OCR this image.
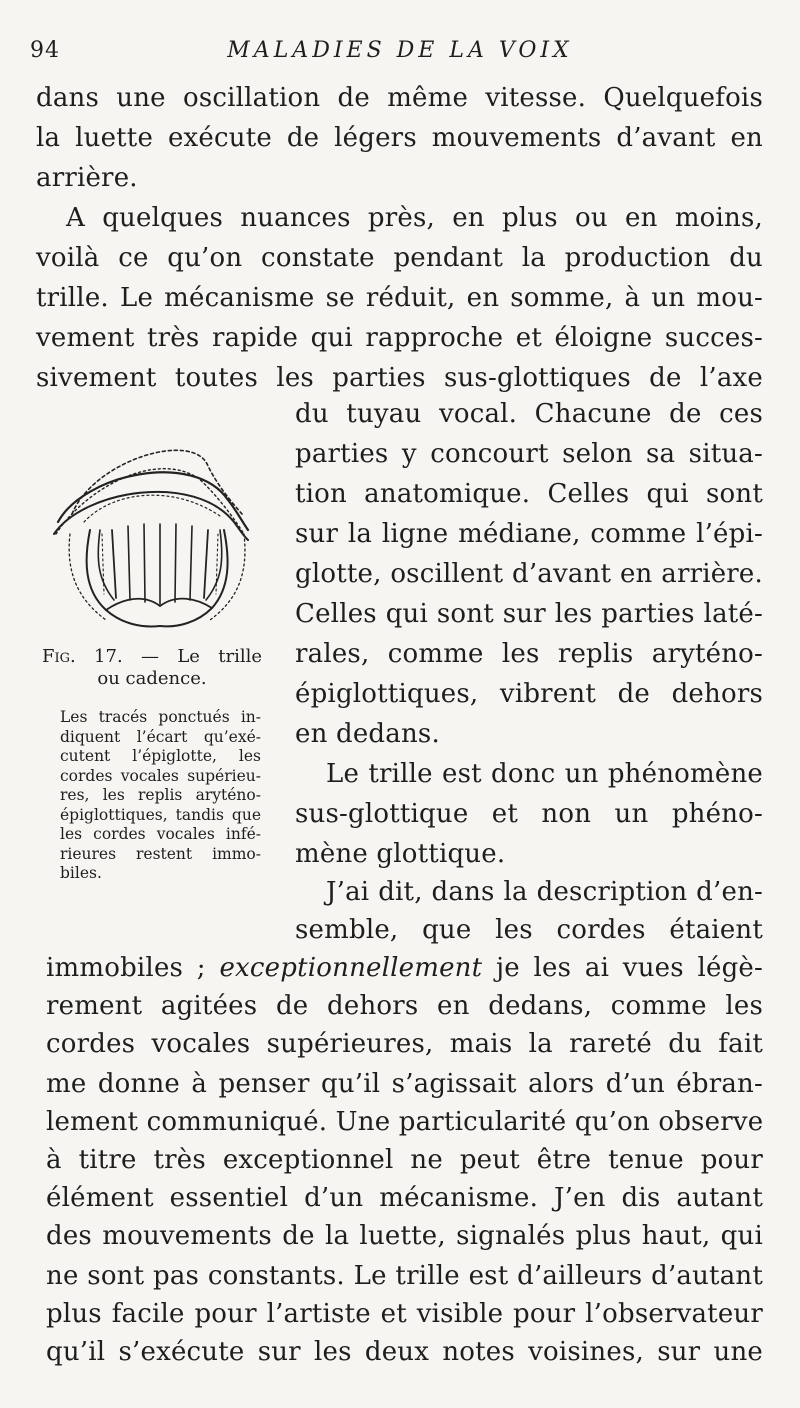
94	MALADIES DE LA VOIX
dans une oscillation de même vitesse. Quelquefois
la luette exécute de légers mouvements d’avant en
arrière.
A quelques nuances près, en plus ou en moins,
voilà ce qu’on constate pendant la production du
trille. Le mécanisme se réduit, en somme, à un mou-
vement très rapide qui rapproche et éloigne succes-
sivement toutes les parties sus-glottiques de l’axe
du tuyau vocal. Chacune de ces
parties y concourt selon sa situa-
tion anatomique. Celles qui sont
sur la ligne médiane, comme l’épi-
glotte, oscillent d’avant en arrière.
Celles qui sont sur les parties laté-
rales, comme les replis aryténo-
épiglottiques, vibrent de dehors
en dedans.
Le trille est donc un phénomène
sus-glottique et non un phéno-
mène glottique.
J’ai dit, dans la description d’en-
semble, que les cordes étaient
Fig. 17. — Le trille
ou cadence.
Les tracés ponctués in-
diquent l’écart qu’exé-
cutent l’épiglotte, les
cordes vocales supérieu-
res, les replis aryténo-
épiglottiques, tandis que
les cordes vocales infé-
rieures restent immo-
biles.
immobiles ; exceptionnellement je les ai vues légè-
rement agitées de dehors en dedans, comme les
cordes vocales supérieures, mais la rareté du fait
me donne à penser qu’il s’agissait alors d’un ébran-
lement communiqué. Une particularité qu’on observe
à titre très exceptionnel ne peut être tenue pour
élément essentiel d’un mécanisme. J’en dis autant
des mouvements de la luette, signalés plus haut, qui
ne sont pas constants. Le trille est d’ailleurs d’autant
plus facile pour l’artiste et visible pour l’observateur
qu’il s’exécute sur les deux notes voisines, sur une
